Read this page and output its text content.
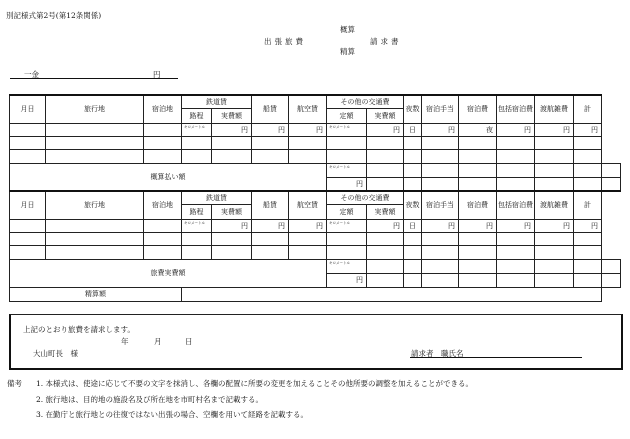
別記様式第2号(第12条関係)
概算
出張旅費	請求書
精算
一金	円
月日	旅行地	宿泊地	鉄道賃		船賃	航空賃	その他の交通費		夜数	宿泊手当	宿泊費	包括宿泊費	渡航雑費	計	
			路程	実費額			定額	実費額							

			キロメートル	円	円	円	キロメートル	円	日	円	夜	円	円	円	

概算払い額							キロメートル								

							円								
月日	旅行地	宿泊地	鉄道賃		船賃	航空賃	その他の交通費		夜数	宿泊手当	宿泊費	包括宿泊費	渡航雑費	計	
			路程	実費額			定額	実費額							

			キロメートル	円	円	円	キロメートル	円	日	円	円	円	円	円	

旅費実費額							キロメートル								

							円								
精算額															
上記のとおり旅費を請求します。
年	月	日
大山町長　様	請求者　職氏名
備考 1. 本様式は、使途に応じて不要の文字を抹消し、各欄の配置に所要の変更を加えることその他所要の調整を加えることができる。
2. 旅行地は、目的地の施設名及び所在地を市町村名まで記載する。
3. 在勤庁と旅行地との往復ではない出張の場合、空欄を用いて経路を記載する。
